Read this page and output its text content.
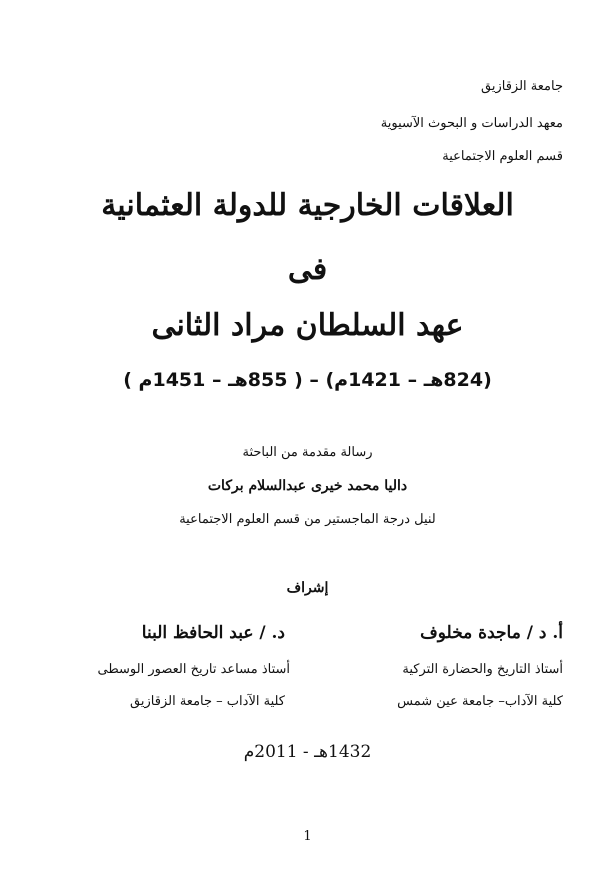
جامعة الزقازيق
معهد الدراسات و البحوث الآسيوية
قسم العلوم الاجتماعية
العلاقات الخارجية للدولة العثمانية
فى
عهد السلطان مراد الثانى
(824هـ – 1421م) – ( 855هـ – 1451م )
رسالة مقدمة من الباحثة
داليا محمد خيرى عبدالسلام بركات
لنيل درجة الماجستير من قسم العلوم الاجتماعية
إشراف
أ. د / ماجدة مخلوف
أستاذ التاريخ والحضارة التركية
كلية الآداب– جامعة عين شمس
د. / عبد الحافظ البنا
أستاذ مساعد تاريخ العصور الوسطى
كلية الآداب – جامعة الزقازيق
1432هـ - 2011م
1
